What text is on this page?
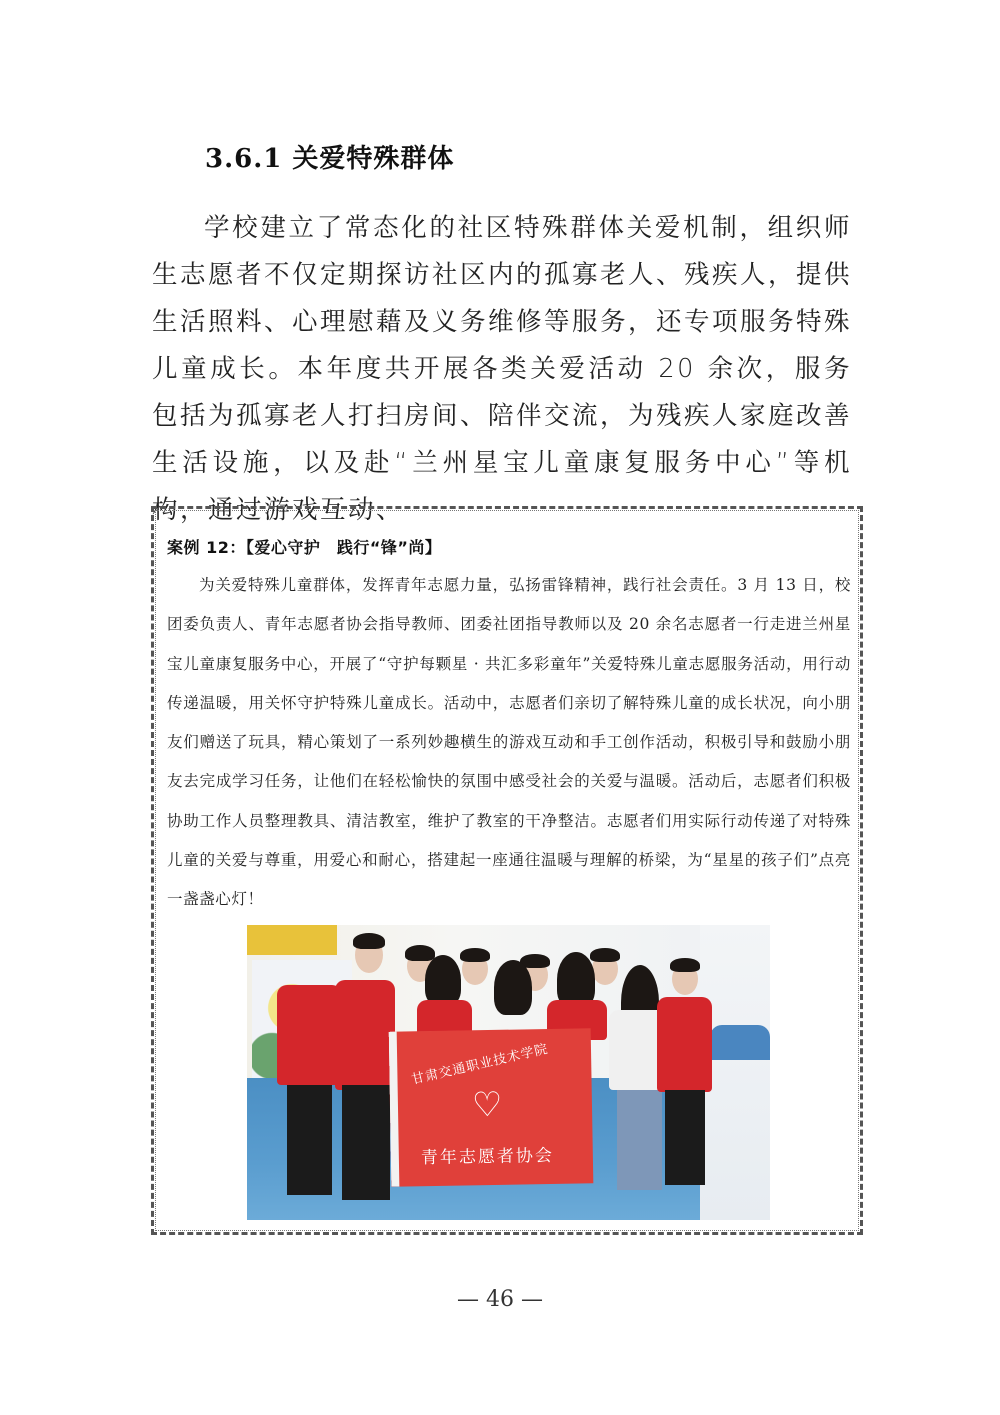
3.6.1 关爱特殊群体
学校建立了常态化的社区特殊群体关爱机制，组织师生志愿者不仅定期探访社区内的孤寡老人、残疾人，提供生活照料、心理慰藉及义务维修等服务，还专项服务特殊儿童成长。本年度共开展各类关爱活动 20 余次，服务包括为孤寡老人打扫房间、陪伴交流，为残疾人家庭改善生活设施，以及赴“兰州星宝儿童康复服务中心”等机构，通过游戏互动、
案例 12：【爱心守护　践行“锋”尚】
为关爱特殊儿童群体，发挥青年志愿力量，弘扬雷锋精神，践行社会责任。3 月 13 日，校团委负责人、青年志愿者协会指导教师、团委社团指导教师以及 20 余名志愿者一行走进兰州星宝儿童康复服务中心，开展了“守护每颗星 · 共汇多彩童年”关爱特殊儿童志愿服务活动，用行动传递温暖，用关怀守护特殊儿童成长。活动中，志愿者们亲切了解特殊儿童的成长状况，向小朋友们赠送了玩具，精心策划了一系列妙趣横生的游戏互动和手工创作活动，积极引导和鼓励小朋友去完成学习任务，让他们在轻松愉快的氛围中感受社会的关爱与温暖。活动后，志愿者们积极协助工作人员整理教具、清洁教室，维护了教室的干净整洁。志愿者们用实际行动传递了对特殊儿童的关爱与尊重，用爱心和耐心，搭建起一座通往温暖与理解的桥梁，为“星星的孩子们”点亮一盏盏心灯！
甘肃交通职业技术学院
♡
青年志愿者协会
— 46 —
